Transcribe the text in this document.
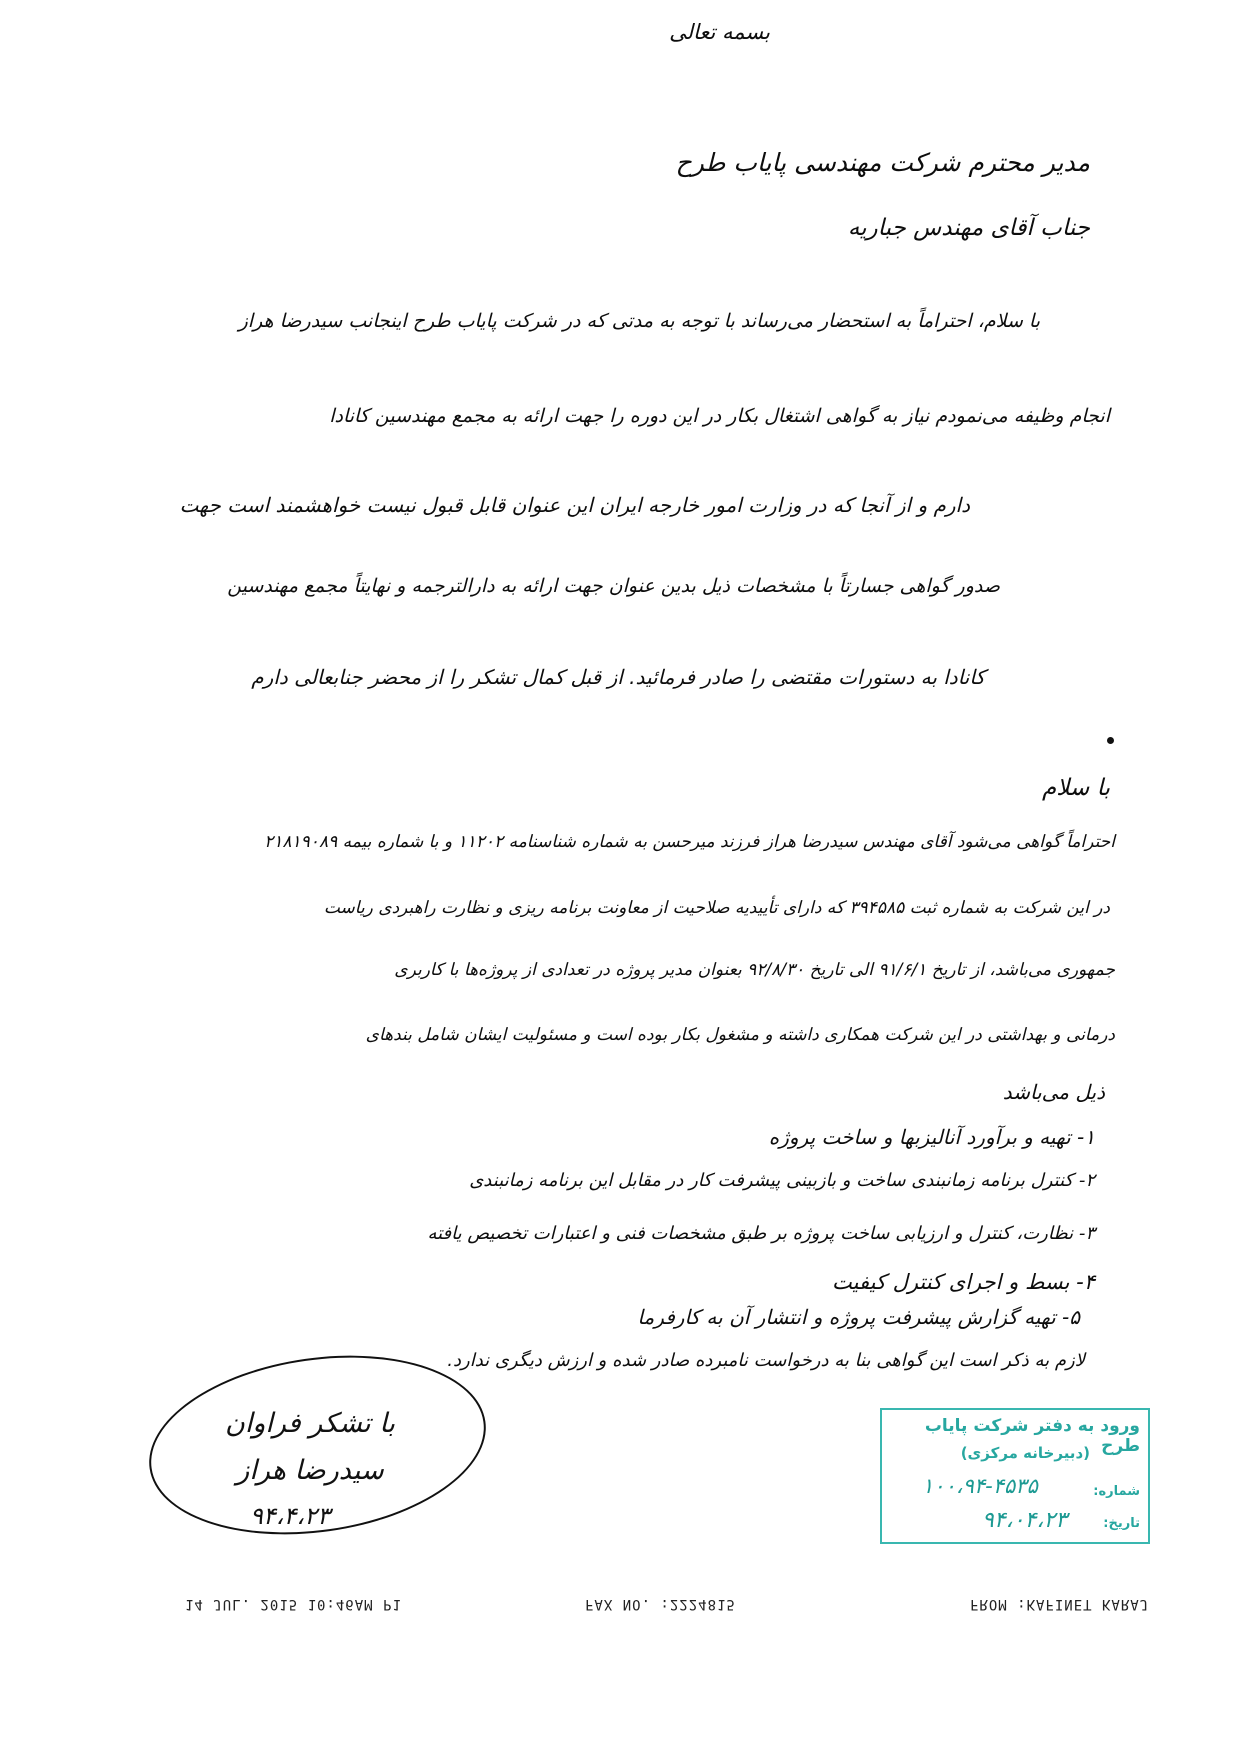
بسمه تعالی
مدیر محترم شرکت مهندسی پایاب طرح
جناب آقای مهندس جباریه
با سلام، احتراماً به استحضار می‌رساند با توجه به مدتی که در شرکت پایاب طرح اینجانب سیدرضا هراز
انجام وظیفه می‌نمودم نیاز به گواهی اشتغال بکار در این دوره را جهت ارائه به مجمع مهندسین کانادا
دارم و از آنجا که در وزارت امور خارجه ایران این عنوان قابل قبول نیست خواهشمند است جهت
صدور گواهی جسارتاً با مشخصات ذیل بدین عنوان جهت ارائه به دارالترجمه و نهایتاً مجمع مهندسین
کانادا به دستورات مقتضی را صادر فرمائید. از قبل کمال تشکر را از محضر جنابعالی دارم
با سلام
احتراماً گواهی می‌شود آقای مهندس سیدرضا هراز فرزند میرحسن به شماره شناسنامه ۱۱۲۰۲ و با شماره بیمه ۲۱۸۱۹۰۸۹
در این شرکت به شماره ثبت ۳۹۴۵۸۵ که دارای تأییدیه صلاحیت از معاونت برنامه ریزی و نظارت راهبردی ریاست
جمهوری می‌باشد، از تاریخ ۹۱/۶/۱ الی تاریخ ۹۲/۸/۳۰ بعنوان مدیر پروژه در تعدادی از پروژه‌ها با کاربری
درمانی و بهداشتی در این شرکت همکاری داشته و مشغول بکار بوده است و مسئولیت ایشان شامل بندهای
ذیل می‌باشد
۱- تهیه و برآورد آنالیزبها و ساخت پروژه
۲- کنترل برنامه زمانبندی ساخت و بازبینی پیشرفت کار در مقابل این برنامه زمانبندی
۳- نظارت، کنترل و ارزیابی ساخت پروژه بر طبق مشخصات فنی و اعتبارات تخصیص یافته
۴- بسط و اجرای کنترل کیفیت
۵- تهیه گزارش پیشرفت پروژه و انتشار آن به کارفرما
لازم به ذکر است این گواهی بنا به درخواست نامبرده صادر شده و ارزش دیگری ندارد.
با تشکر فراوان
سیدرضا هراز
۹۴،۴،۲۳
ورود به دفتر شرکت پایاب طرح
(دبیرخانه مرکزی)
شماره:
۱۰۰،۹۴-۴۵۳۵
تاریخ:
۹۴،۰۴،۲۳
14 JUL. 2015 10:46AM P1	FAX NO. :2224815	FROM :KAFINET KARAJ
